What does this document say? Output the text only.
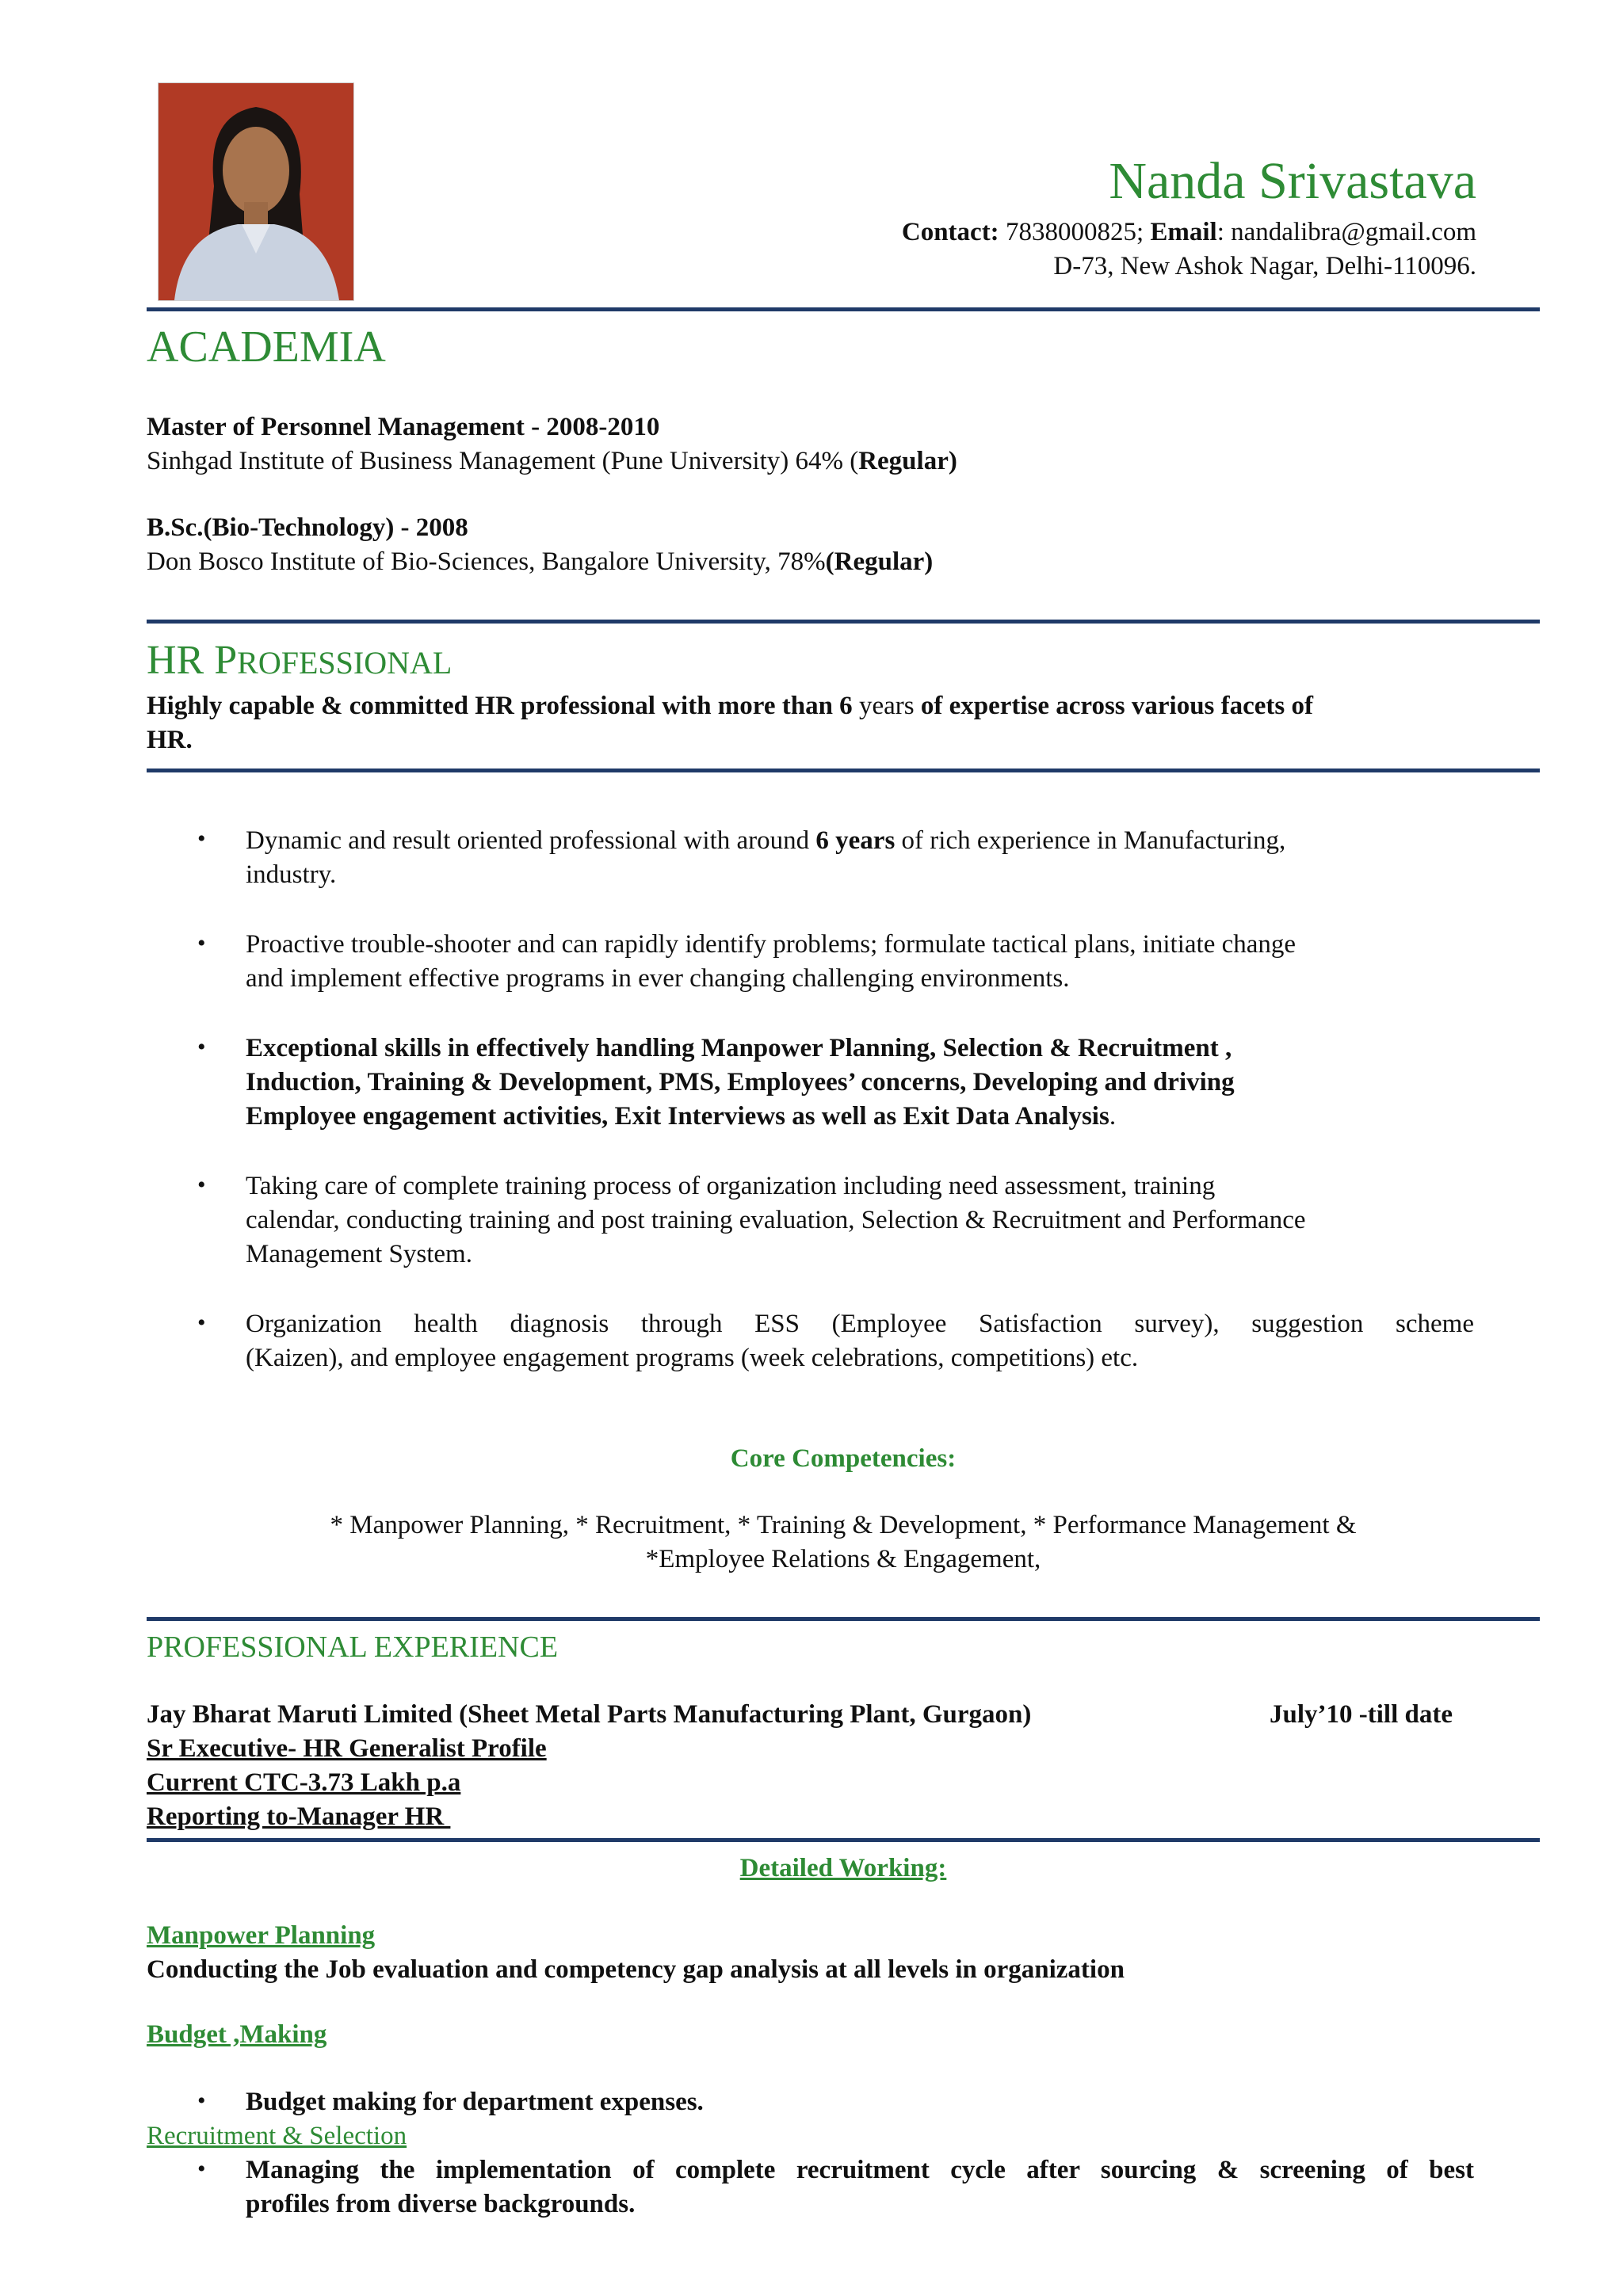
Nanda Srivastava
Contact: 7838000825; Email: nandalibra@gmail.com
D-73, New Ashok Nagar, Delhi-110096.
ACADEMIA
Master of Personnel Management - 2008-2010
Sinhgad Institute of Business Management (Pune University) 64% (Regular)
B.Sc.(Bio-Technology) - 2008
Don Bosco Institute of Bio-Sciences, Bangalore University, 78%(Regular)
HR PROFESSIONAL
Highly capable & committed HR professional with more than 6 years of expertise across various facets of
HR.
• Dynamic and result oriented professional with around 6 years of rich experience in Manufacturing,
industry.
• Proactive trouble-shooter and can rapidly identify problems; formulate tactical plans, initiate change
and implement effective programs in ever changing challenging environments.
• Exceptional skills in effectively handling Manpower Planning, Selection & Recruitment ,
Induction, Training & Development, PMS, Employees’ concerns, Developing and driving
Employee engagement activities, Exit Interviews as well as Exit Data Analysis.
• Taking care of complete training process of organization including need assessment, training
calendar, conducting training and post training evaluation, Selection & Recruitment and Performance
Management System.
• Organization health diagnosis through ESS (Employee Satisfaction survey), suggestion scheme
(Kaizen), and employee engagement programs (week celebrations, competitions) etc.
Core Competencies:
* Manpower Planning, * Recruitment, * Training & Development, * Performance Management &
*Employee Relations & Engagement,
PROFESSIONAL EXPERIENCE
Jay Bharat Maruti Limited (Sheet Metal Parts Manufacturing Plant, Gurgaon)	July’10 -till date
Sr Executive- HR Generalist Profile
Current CTC-3.73 Lakh p.a
Reporting to-Manager HR
Detailed Working:
Manpower Planning
Conducting the Job evaluation and competency gap analysis at all levels in organization
Budget ,Making
• Budget making for department expenses.
Recruitment & Selection
• Managing the implementation of complete recruitment cycle after sourcing & screening of best
profiles from diverse backgrounds.
